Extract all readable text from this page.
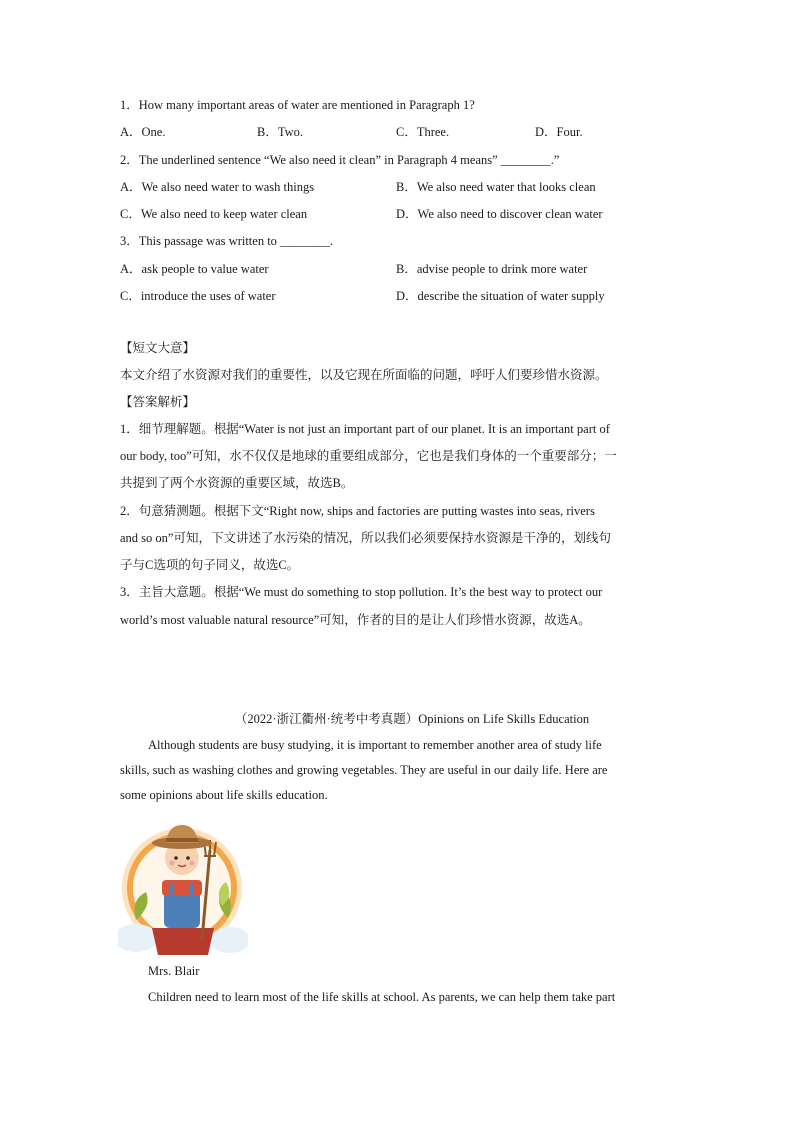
1．How many important areas of water are mentioned in Paragraph 1?
A．One.	B．Two.	C．Three.	D．Four.
2．The underlined sentence “We also need it clean” in Paragraph 4 means” ________.”
A．We also need water to wash things	B．We also need water that looks clean
C．We also need to keep water clean	D．We also need to discover clean water
3．This passage was written to ________.
A．ask people to value water	B．advise people to drink more water
C．introduce the uses of water	D．describe the situation of water supply
【短文大意】
本文介绍了水资源对我们的重要性，以及它现在所面临的问题，呼吁人们要珍惜水资源。
【答案解析】
1．细节理解题。根据“Water is not just an important part of our planet. It is an important part of
our body, too”可知，水不仅仅是地球的重要组成部分，它也是我们身体的一个重要部分；一
共提到了两个水资源的重要区域，故选B。
2．句意猜测题。根据下文“Right now, ships and factories are putting wastes into seas, rivers
and so on”可知，下文讲述了水污染的情况，所以我们必须要保持水资源是干净的，划线句
子与C选项的句子同义，故选C。
3．主旨大意题。根据“We must do something to stop pollution. It’s the best way to protect our
world’s most valuable natural resource”可知，作者的目的是让人们珍惜水资源，故选A。
（2022·浙江衢州·统考中考真题）Opinions on Life Skills Education
Although students are busy studying, it is important to remember another area of study life
skills, such as washing clothes and growing vegetables. They are useful in our daily life. Here are
some opinions about life skills education.
Mrs. Blair
Children need to learn most of the life skills at school. As parents, we can help them take part
